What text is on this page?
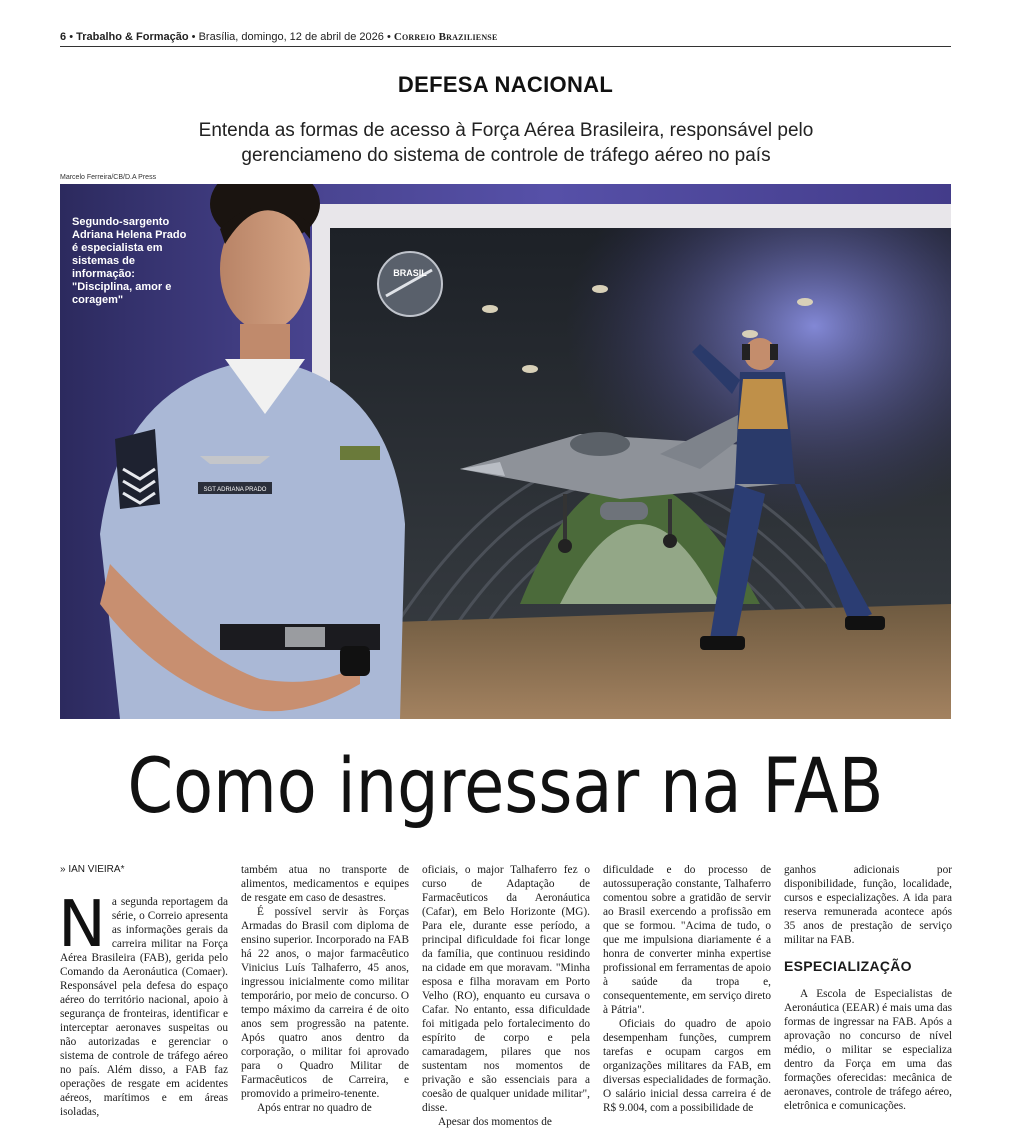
6 • Trabalho & Formação • Brasília, domingo, 12 de abril de 2026 • Correio Braziliense
DEFESA NACIONAL
Entenda as formas de acesso à Força Aérea Brasileira, responsável pelo gerenciameno do sistema de controle de tráfego aéreo no país
Marcelo Ferreira/CB/D.A Press
BRASIL
SGT ADRIANA PRADO
Segundo-sargento Adriana Helena Prado é especialista em sistemas de informação: "Disciplina, amor e coragem"
Como ingressar na FAB

» IAN VIEIRA*

Na segunda reportagem da série, o Correio apresenta as informações gerais da carreira militar na Força Aérea Brasileira (FAB), gerida pelo Comando da Aeronáutica (Comaer). Responsável pela defesa do espaço aéreo do território nacional, apoio à segurança de fronteiras, identificar e interceptar aeronaves suspeitas ou não autorizadas e gerenciar o sistema de controle de tráfego aéreo no país. Além disso, a FAB faz operações de resgate em acidentes aéreos, marítimos e em áreas isoladas,

também atua no transporte de alimentos, medicamentos e equipes de resgate em caso de desastres.

É possível servir às Forças Armadas do Brasil com diploma de ensino superior. Incorporado na FAB há 22 anos, o major farmacêutico Vinicius Luís Talhaferro, 45 anos, ingressou inicialmente como militar temporário, por meio de concurso. O tempo máximo da carreira é de oito anos sem progressão na patente. Após quatro anos dentro da corporação, o militar foi aprovado para o Quadro Militar de Farmacêuticos de Carreira, e promovido a primeiro-tenente.

Após entrar no quadro de

oficiais, o major Talhaferro fez o curso de Adaptação de Farmacêuticos da Aeronáutica (Cafar), em Belo Horizonte (MG). Para ele, durante esse período, a principal dificuldade foi ficar longe da família, que continuou residindo na cidade em que moravam. "Minha esposa e filha moravam em Porto Velho (RO), enquanto eu cursava o Cafar. No entanto, essa dificuldade foi mitigada pelo fortalecimento do espírito de corpo e pela camaradagem, pilares que nos sustentam nos momentos de privação e são essenciais para a coesão de qualquer unidade militar", disse.

Apesar dos momentos de

dificuldade e do processo de autossuperação constante, Talhaferro comentou sobre a gratidão de servir ao Brasil exercendo a profissão em que se formou. "Acima de tudo, o que me impulsiona diariamente é a honra de converter minha expertise profissional em ferramentas de apoio à saúde da tropa e, consequentemente, em serviço direto à Pátria".

Oficiais do quadro de apoio desempenham funções, cumprem tarefas e ocupam cargos em organizações militares da FAB, em diversas especialidades de formação. O salário inicial dessa carreira é de R$ 9.004, com a possibilidade de

ganhos adicionais por disponibilidade, função, localidade, cursos e especializações. A ida para reserva remunerada acontece após 35 anos de prestação de serviço militar na FAB.

ESPECIALIZAÇÃO

A Escola de Especialistas de Aeronáutica (EEAR) é mais uma das formas de ingressar na FAB. Após a aprovação no concurso de nível médio, o militar se especializa dentro da Força em uma das formações oferecidas: mecânica de aeronaves, controle de tráfego aéreo, eletrônica e comunicações.
